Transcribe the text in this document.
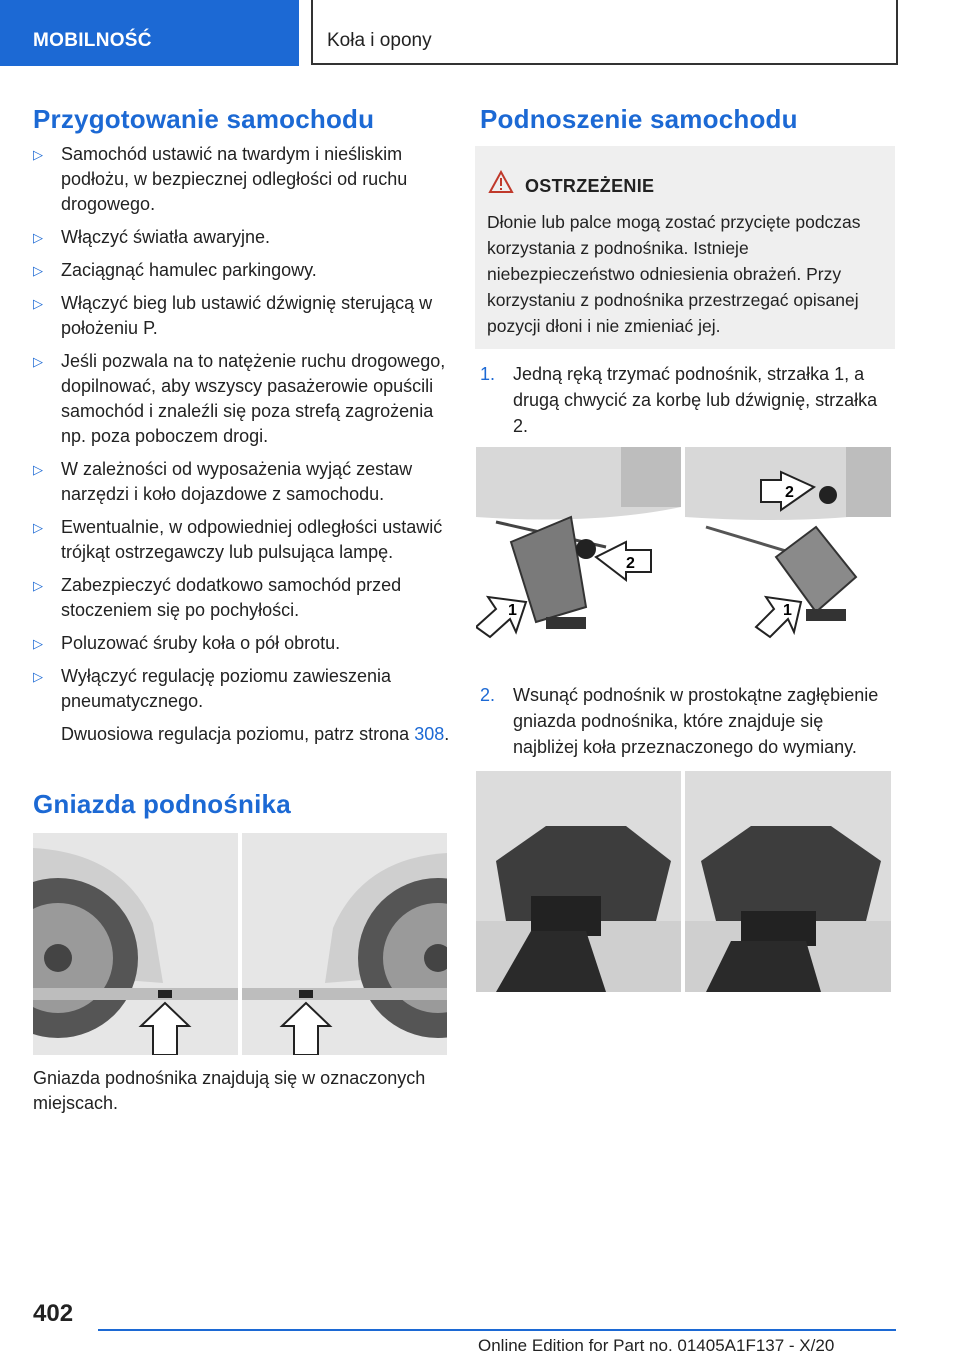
MOBILNOŚĆ	Koła i opony
Przygotowanie samochodu
▷ Samochód ustawić na twardym i nieśliskim podłożu, w bezpiecznej odległości od ruchu drogowego.
▷ Włączyć światła awaryjne.
▷ Zaciągnąć hamulec parkingowy.
▷ Włączyć bieg lub ustawić dźwignię sterującą w położeniu P.
▷ Jeśli pozwala na to natężenie ruchu drogowego, dopilnować, aby wszyscy pasażerowie opuścili samochód i znaleźli się poza strefą zagrożenia np. poza poboczem drogi.
▷ W zależności od wyposażenia wyjąć zestaw narzędzi i koło dojazdowe z samochodu.
▷ Ewentualnie, w odpowiedniej odległości ustawić trójkąt ostrzegawczy lub pulsująca lampę.
▷ Zabezpieczyć dodatkowo samochód przed stoczeniem się po pochyłości.
▷ Poluzować śruby koła o pół obrotu.
▷ Wyłączyć regulację poziomu zawieszenia pneumatycznego.
Dwuosiowa regulacja poziomu, patrz strona 308.
Gniazda podnośnika
Gniazda podnośnika znajdują się w oznaczonych miejscach.
Podnoszenie samochodu
OSTRZEŻENIE
Dłonie lub palce mogą zostać przycięte podczas korzystania z podnośnika. Istnieje niebezpieczeństwo odniesienia obrażeń. Przy korzystaniu z podnośnika przestrzegać opisanej pozycji dłoni i nie zmieniać jej.
1. Jedną ręką trzymać podnośnik, strzałka 1, a drugą chwycić za korbę lub dźwignię, strzałka 2.
1
2
2
1
2. Wsunąć podnośnik w prostokątne zagłębienie gniazda podnośnika, które znajduje się najbliżej koła przeznaczonego do wymiany.
402
Online Edition for Part no. 01405A1F137 - X/20
